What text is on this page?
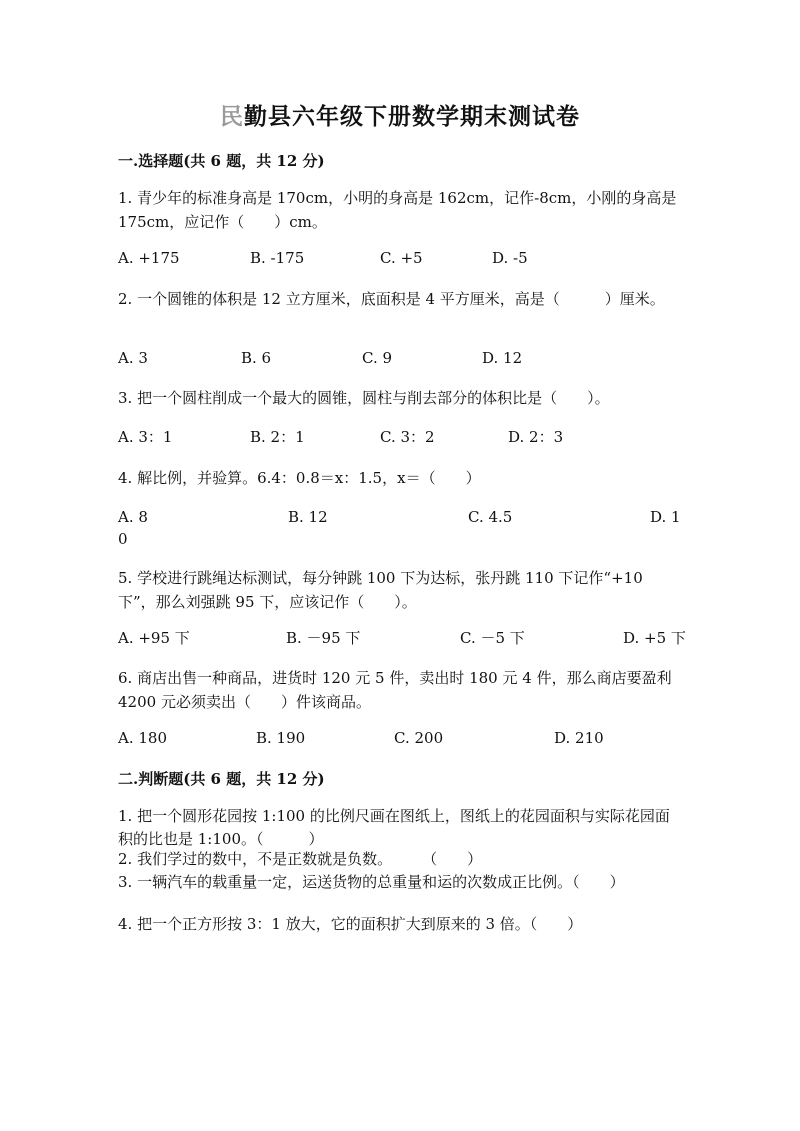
民勤县六年级下册数学期末测试卷
一.选择题(共 6 题，共 12 分)
1. 青少年的标准身高是 170cm，小明的身高是 162cm，记作-8cm，小刚的身高是 175cm，应记作（　　）cm。
A. +175	B. -175	C. +5	D. -5
2. 一个圆锥的体积是 12 立方厘米，底面积是 4 平方厘米，高是（　　　）厘米。
A. 3	B. 6	C. 9	D. 12
3. 把一个圆柱削成一个最大的圆锥，圆柱与削去部分的体积比是（　　）。
A. 3：1	B. 2：1	C. 3：2	D. 2：3
4. 解比例，并验算。6.4：0.8＝x：1.5，x＝（　　）
A. 8	B. 12	C. 4.5	D. 1
0
5. 学校进行跳绳达标测试，每分钟跳 100 下为达标，张丹跳 110 下记作“+10 下”，那么刘强跳 95 下，应该记作（　　）。
A. +95 下	B. －95 下	C. －5 下	D. +5 下
6. 商店出售一种商品，进货时 120 元 5 件，卖出时 180 元 4 件，那么商店要盈利 4200 元必须卖出（　　）件该商品。
A. 180	B. 190	C. 200	D. 210
二.判断题(共 6 题，共 12 分)
1. 把一个圆形花园按 1:100 的比例尺画在图纸上，图纸上的花园面积与实际花园面积的比也是 1:100。（　　　）
2. 我们学过的数中，不是正数就是负数。　　　（　　）
3. 一辆汽车的载重量一定，运送货物的总重量和运的次数成正比例。（　　）
4. 把一个正方形按 3：1 放大，它的面积扩大到原来的 3 倍。（　　）
